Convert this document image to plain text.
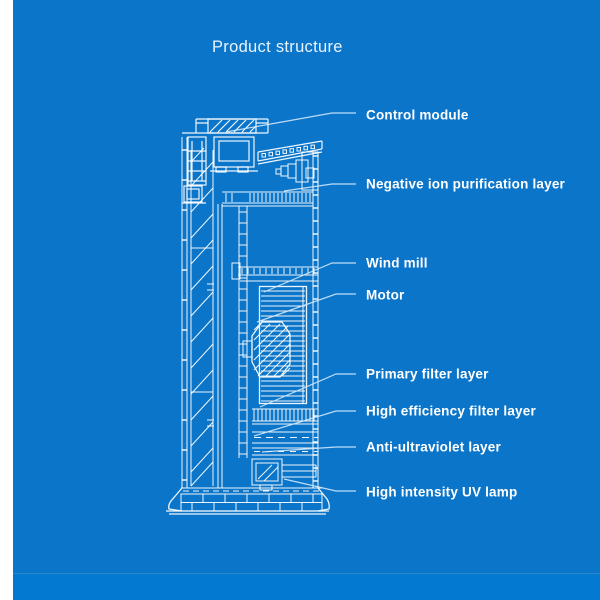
Product structure
Control module
Negative ion purification layer
Wind mill
Motor
Primary filter layer
High efficiency filter layer
Anti-ultraviolet layer
High intensity UV lamp
